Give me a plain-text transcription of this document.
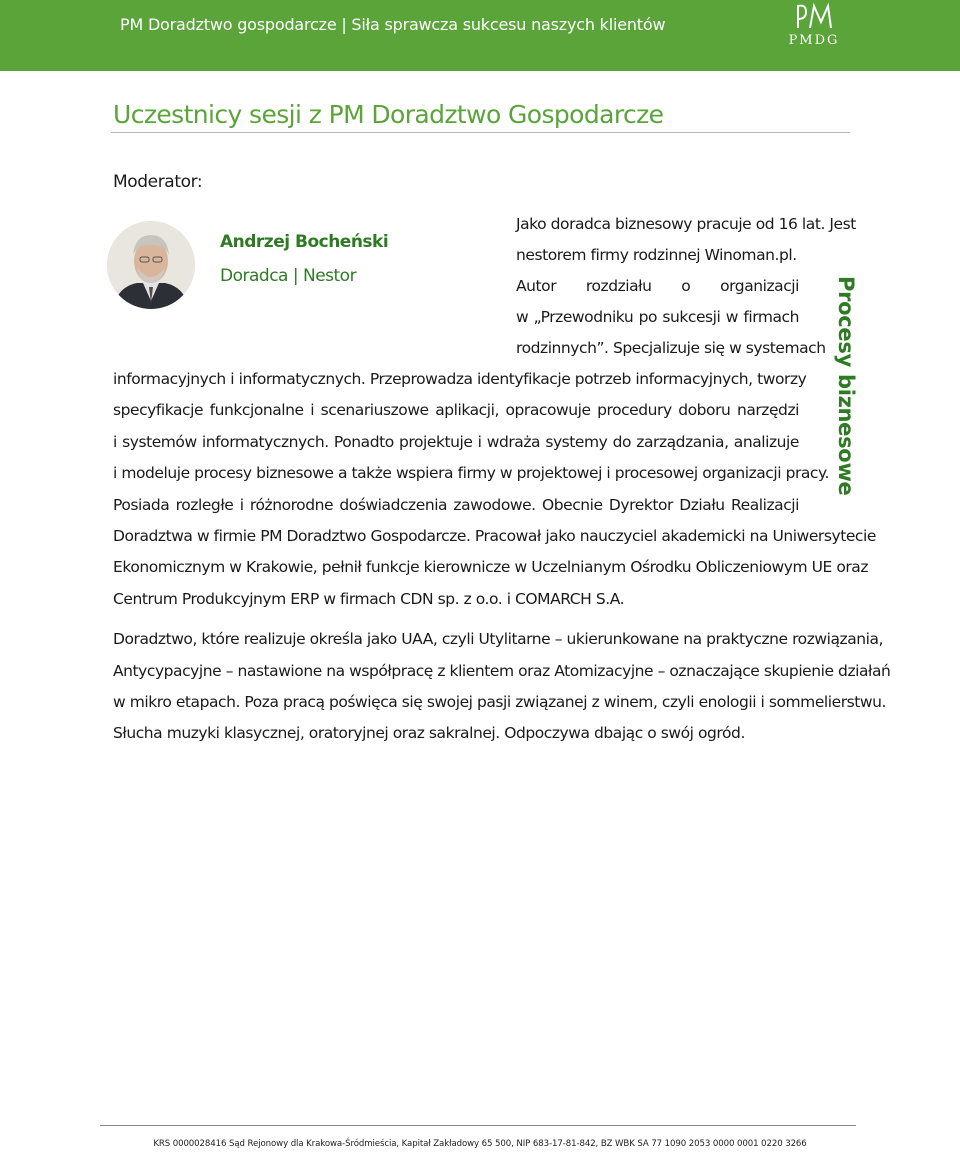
PM Doradztwo gospodarcze | Siła sprawcza sukcesu naszych klientów
PMDG
Uczestnicy sesji z PM Doradztwo Gospodarcze
Moderator:
Andrzej Bocheński
Doradca | Nestor	Procesy biznesowe
Jako doradca biznesowy pracuje od 16 lat. Jest
nestorem firmy rodzinnej Winoman.pl.
Autor rozdziału o organizacji
w „Przewodniku po sukcesji w firmach
rodzinnych”. Specjalizuje się w systemach
informacyjnych i informatycznych. Przeprowadza identyfikacje potrzeb informacyjnych, tworzy
specyfikacje funkcjonalne i scenariuszowe aplikacji, opracowuje procedury doboru narzędzi
i systemów informatycznych. Ponadto projektuje i wdraża systemy do zarządzania, analizuje
i modeluje procesy biznesowe a także wspiera firmy w projektowej i procesowej organizacji pracy.
Posiada rozległe i różnorodne doświadczenia zawodowe. Obecnie Dyrektor Działu Realizacji
Doradztwa w firmie PM Doradztwo Gospodarcze. Pracował jako nauczyciel akademicki na Uniwersytecie
Ekonomicznym w Krakowie, pełnił funkcje kierownicze w Uczelnianym Ośrodku Obliczeniowym UE oraz
Centrum Produkcyjnym ERP w firmach CDN sp. z o.o. i COMARCH S.A.
Doradztwo, które realizuje określa jako UAA, czyli Utylitarne – ukierunkowane na praktyczne rozwiązania,
Antycypacyjne – nastawione na współpracę z klientem oraz Atomizacyjne – oznaczające skupienie działań
w mikro etapach. Poza pracą poświęca się swojej pasji związanej z winem, czyli enologii i sommelierstwu.
Słucha muzyki klasycznej, oratoryjnej oraz sakralnej. Odpoczywa dbając o swój ogród.
KRS 0000028416 Sąd Rejonowy dla Krakowa-Śródmieścia, Kapitał Zakładowy 65 500, NIP 683-17-81-842, BZ WBK SA 77 1090 2053 0000 0001 0220 3266
